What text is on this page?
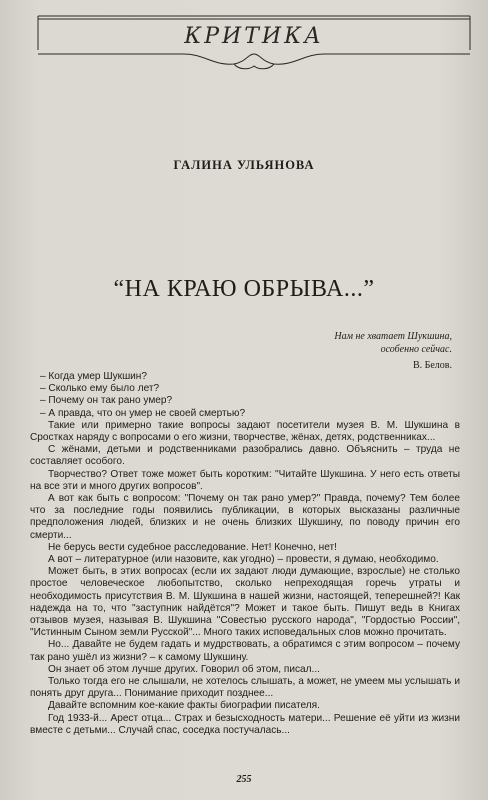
КРИТИКА
ГАЛИНА УЛЬЯНОВА
“НА КРАЮ ОБРЫВА...”
Нам не хватает Шукшина,
особенно сейчас.
В. Белов.

– Когда умер Шукшин?

– Сколько ему было лет?

– Почему он так рано умер?

– А правда, что он умер не своей смертью?

Такие или примерно такие вопросы задают посетители музея В. М. Шукшина в Сростках наряду с вопросами о его жизни, творчестве, жёнах, детях, родственниках...

С жёнами, детьми и родственниками разобрались давно. Объяснить – труда не составляет особого.

Творчество? Ответ тоже может быть коротким: "Читайте Шукшина. У него есть ответы на все эти и много других вопросов".

А вот как быть с вопросом: "Почему он так рано умер?" Правда, почему? Тем более что за последние годы появились публикации, в которых высказаны различные предположения людей, близких и не очень близких Шукшину, по поводу причин его смерти...

Не берусь вести судебное расследование. Нет! Конечно, нет!

А вот – литературное (или назовите, как угодно) – провести, я думаю, необходимо.

Может быть, в этих вопросах (если их задают люди думающие, взрослые) не столько простое человеческое любопытство, сколько непреходящая горечь утраты и необходимость присутствия В. М. Шукшина в нашей жизни, настоящей, теперешней?! Как надежда на то, что "заступник найдётся"? Может и такое быть. Пишут ведь в Книгах отзывов музея, называя В. Шукшина "Совестью русского народа", "Гордостью России", "Истинным Сыном земли Русской"... Много таких исповедальных слов можно прочитать.

Но... Давайте не будем гадать и мудрствовать, а обратимся с этим вопросом – почему так рано ушёл из жизни? – к самому Шукшину.

Он знает об этом лучше других. Говорил об этом, писал...

Только тогда его не слышали, не хотелось слышать, а может, не умеем мы услышать и понять друг друга... Понимание приходит позднее...

Давайте вспомним кое-какие факты биографии писателя.

Год 1933-й... Арест отца... Страх и безысходность матери... Решение её уйти из жизни вместе с детьми... Случай спас, соседка постучалась...

255
